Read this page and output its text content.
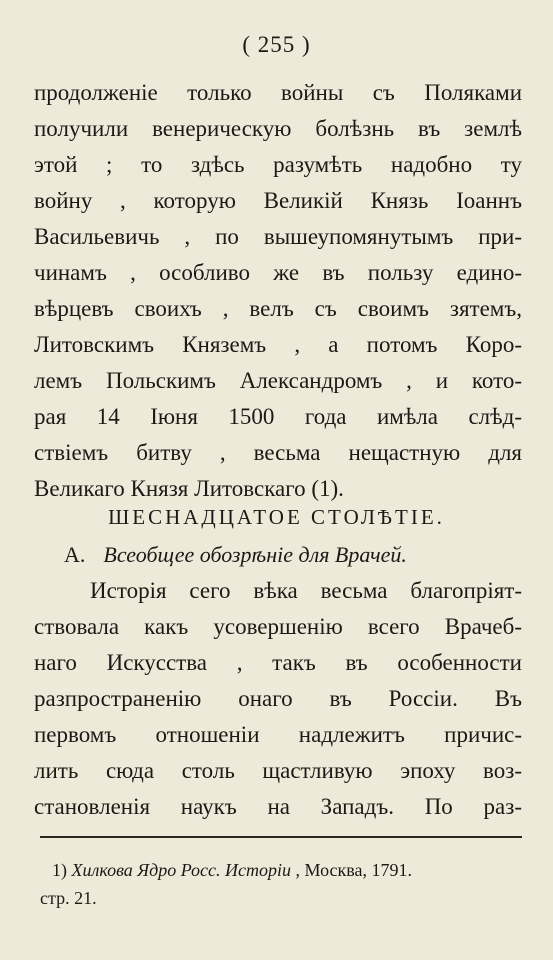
( 255 )
продолженіе только войны съ Поляками
получили венерическую болѣзнь въ землѣ
этой ; то здѣсь разумѣть надобно ту
войну , которую Великій Князь Іоаннъ
Васильевичь , по вышеупомянутымъ при-
чинамъ , особливо же въ пользу едино-
вѣрцевъ своихъ , велъ съ своимъ зятемъ,
Литовскимъ Княземъ , а потомъ Коро-
лемъ Польскимъ Александромъ , и кото-
рая 14 Іюня 1500 года имѣла слѣд-
ствіемъ битву , весьма нещастную для
Великаго Князя Литовскаго (1).
ШЕСНАДЦАТОЕ СТОЛѢТІЕ.
А. Всеобщее обозрѣніе для Врачей.
Исторія сего вѣка весьма благопріят-
ствовала какъ усовершенію всего Врачеб-
наго Искусства , такъ въ особенности
разпространенію онаго въ Россіи. Въ
первомъ отношеніи надлежитъ причис-
лить сюда столь щастливую эпоху воз-
становленія наукъ на Западъ. По раз-
1) Хилкова Ядро Росс. Исторіи , Москва, 1791.
стр. 21.
